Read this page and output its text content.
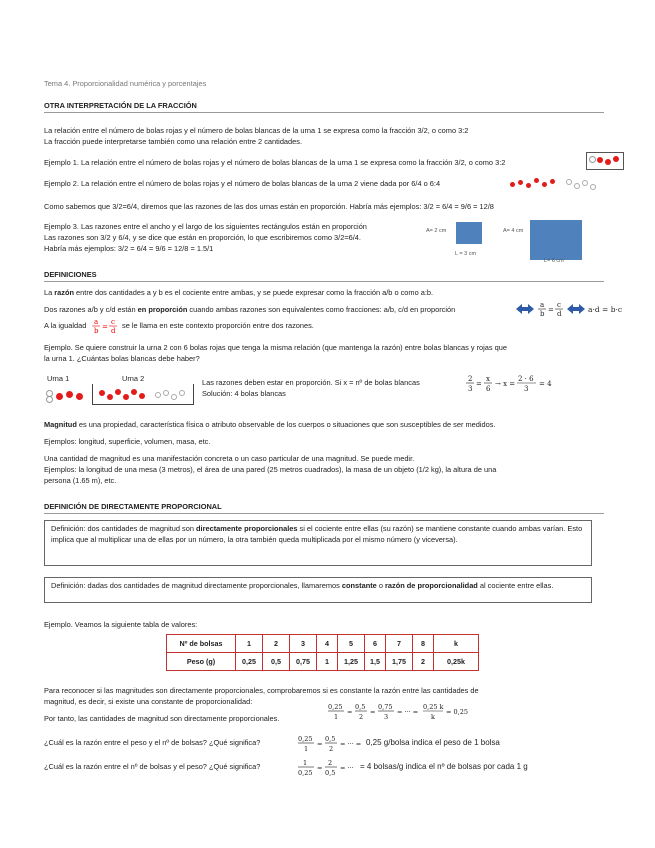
Tema 4. Proporcionalidad numérica y porcentajes
OTRA INTERPRETACIÓN DE LA FRACCIÓN
La relación entre el número de bolas rojas y el número de bolas blancas de la urna 1 se expresa como la fracción 3/2, o como 3:2
La fracción puede interpretarse también como una relación entre 2 cantidades.
Ejemplo 1. La relación entre el número de bolas rojas y el número de bolas blancas de la urna 1 se expresa como la fracción 3/2, o como 3:2
Ejemplo 2. La relación entre el número de bolas rojas y el número de bolas blancas de la urna 2 viene dada por 6/4 o 6:4
Como sabemos que 3/2=6/4, diremos que las razones de las dos urnas están en proporción. Habría más ejemplos: 3/2 = 6/4 = 9/6 = 12/8
Ejemplo 3. Las razones entre el ancho y el largo de los siguientes rectángulos están en proporción
Las razones son 3/2 y 6/4, y se dice que están en proporción, lo que escribiremos como 3/2=6/4.
Habría más ejemplos: 3/2 = 6/4 = 9/6 = 12/8 = 1.5/1
A= 2 cm
L = 3 cm
A= 4 cm
L= 6 cm
DEFINICIONES
La razón entre dos cantidades a y b es el cociente entre ambas, y se puede expresar como la fracción a/b o como a:b.
Dos razones a/b y c/d están en proporción cuando ambas razones son equivalentes como fracciones: a/b, c/d en proporción	a
b =
c
d	a·d = b·c
A la igualdad a
b =
c
d
se le llama en este contexto proporción entre dos razones.
Ejemplo. Se quiere construir la urna 2 con 6 bolas rojas que tenga la misma relación (que mantenga la razón) entre bolas blancas y rojas que
la urna 1. ¿Cuántas bolas blancas debe haber?
Urna 1	Urna 2	Las razones deben estar en proporción. Si x = nº de bolas blancas
Solución: 4 bolas blancas
2
3
=
x
6
→ x =
2 · 6
3
= 4
Magnitud es una propiedad, característica física o atributo observable de los cuerpos o situaciones que son susceptibles de ser medidos.
Ejemplos: longitud, superficie, volumen, masa, etc.
Una cantidad de magnitud es una manifestación concreta o un caso particular de una magnitud. Se puede medir.
Ejemplos: la longitud de una mesa (3 metros), el área de una pared (25 metros cuadrados), la masa de un objeto (1/2 kg), la altura de una
persona (1.65 m), etc.
DEFINICIÓN DE DIRECTAMENTE PROPORCIONAL
Definición: dos cantidades de magnitud son directamente proporcionales si el cociente entre ellas (su razón) se mantiene constante cuando ambas varían. Esto implica que al multiplicar una de ellas por un número, la otra también queda multiplicada por el mismo número (y viceversa).
Definición: dadas dos cantidades de magnitud directamente proporcionales, llamaremos constante o razón de proporcionalidad al cociente entre ellas.
Ejemplo. Veamos la siguiente tabla de valores:
Nº de bolsas	1	2	3	4	5	6	7	8	k
Peso (g)	0,25	0,5	0,75	1	1,25	1,5	1,75	2	0,25k
Para reconocer si las magnitudes son directamente proporcionales, comprobaremos si es constante la razón entre las cantidades de
magnitud, es decir, si existe una constante de proporcionalidad:
Por tanto, las cantidades de magnitud son directamente proporcionales.
0,25
1
=
0,5
2
=
0,75
3
= ··· =
0,25 k
k
= 0,25
¿Cuál es la razón entre el peso y el nº de bolsas? ¿Qué significa?	0,25
1
=
0,5
2
= ··· = 0,25 g/bolsa indica el peso de 1 bolsa
¿Cuál es la razón entre el nº de bolsas y el peso? ¿Qué significa?	1
0,25
=
2
0,5
= ··· = 4 bolsas/g indica el nº de bolsas por cada 1 g
